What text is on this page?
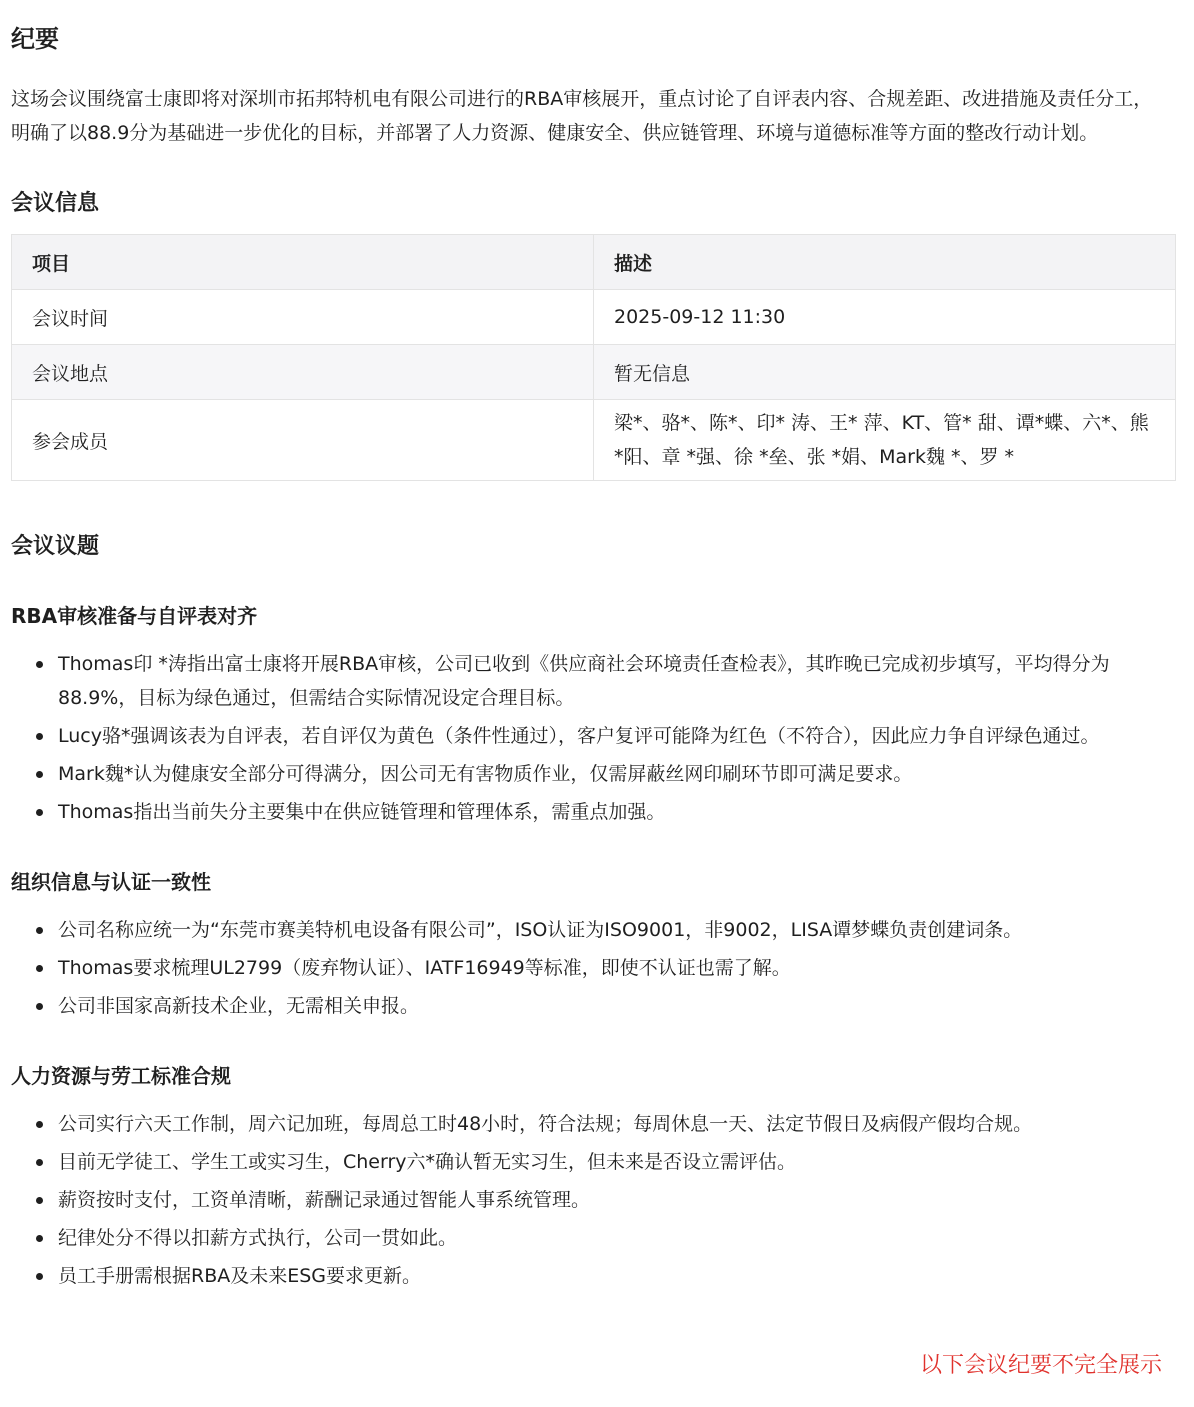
纪要

这场会议围绕富士康即将对深圳市拓邦特机电有限公司进行的RBA审核展开，重点讨论了自评表内容、合规差距、改进措施及责任分工，明确了以88.9分为基础进一步优化的目标，并部署了人力资源、健康安全、供应链管理、环境与道德标准等方面的整改行动计划。

会议信息
项目	描述
会议时间	2025-09-12 11:30
会议地点	暂无信息
参会成员	梁*、骆*、陈*、印* 涛、王* 萍、KT、管* 甜、谭*蝶、六*、熊 *阳、章 *强、徐 *垒、张 *娟、Mark魏 *、罗 *
会议议题
RBA审核准备与自评表对齐
Thomas印 *涛指出富士康将开展RBA审核，公司已收到《供应商社会环境责任查检表》，其昨晚已完成初步填写，平均得分为88.9%，目标为绿色通过，但需结合实际情况设定合理目标。
Lucy骆*强调该表为自评表，若自评仅为黄色（条件性通过），客户复评可能降为红色（不符合），因此应力争自评绿色通过。
Mark魏*认为健康安全部分可得满分，因公司无有害物质作业，仅需屏蔽丝网印刷环节即可满足要求。
Thomas指出当前失分主要集中在供应链管理和管理体系，需重点加强。
组织信息与认证一致性
公司名称应统一为“东莞市赛美特机电设备有限公司”，ISO认证为ISO9001，非9002，LISA谭梦蝶负责创建词条。
Thomas要求梳理UL2799（废弃物认证）、IATF16949等标准，即使不认证也需了解。
公司非国家高新技术企业，无需相关申报。
人力资源与劳工标准合规
公司实行六天工作制，周六记加班，每周总工时48小时，符合法规；每周休息一天、法定节假日及病假产假均合规。
目前无学徒工、学生工或实习生，Cherry六*确认暂无实习生，但未来是否设立需评估。
薪资按时支付，工资单清晰，薪酬记录通过智能人事系统管理。
纪律处分不得以扣薪方式执行，公司一贯如此。
员工手册需根据RBA及未来ESG要求更新。
以下会议纪要不完全展示
